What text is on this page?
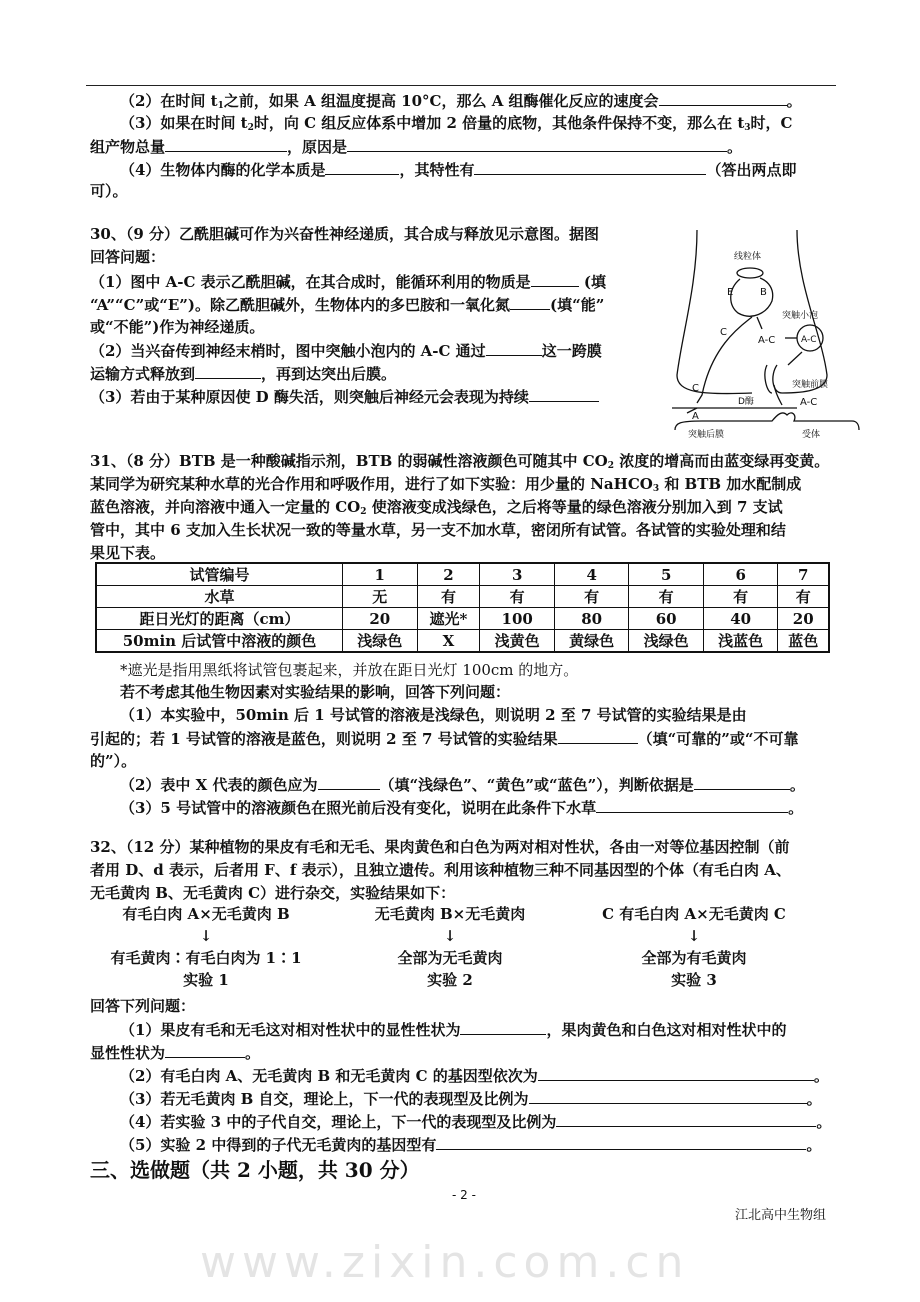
（2）在时间 $t_1$之前，如果 A 组温度提高 10°C，那么 A 组酶催化反应的速度会	。
（3）如果在时间 $t_2$时，向 C 组反应体系中增加 2 倍量的底物，其他条件保持不变，那么在 $t_3$时，C
组产物总量	，原因是	。
（4）生物体内酶的化学本质是	，其特性有	（答出两点即
可）。
30、（9 分）乙酰胆碱可作为兴奋性神经递质，其合成与释放见示意图。据图
回答问题：
（1）图中 A-C 表示乙酰胆碱，在其合成时，能循环利用的物质是	(填
“A”“C”或“E”)。除乙酰胆碱外，生物体内的多巴胺和一氧化氮	(填“能”
或“不能”)作为神经递质。
（2）当兴奋传到神经末梢时，图中突触小泡内的 A-C 通过	这一跨膜
运输方式释放到	，再到达突出后膜。
（3）若由于某种原因使 D 酶失活，则突触后神经元会表现为持续
线粒体
E	B
突触小泡
C
A-C	A-C
突触前膜
C
D酶	A-C
A
突触后膜	受体
31、（8 分）BTB 是一种酸碱指示剂，BTB 的弱碱性溶液颜色可随其中 $CO_2$ 浓度的增高而由蓝变绿再变黄。
某同学为研究某种水草的光合作用和呼吸作用，进行了如下实验：用少量的 NaHCO$_3$ 和 BTB 加水配制成
蓝色溶液，并向溶液中通入一定量的 $CO_2$ 使溶液变成浅绿色，之后将等量的绿色溶液分别加入到 7 支试
管中，其中 6 支加入生长状况一致的等量水草，另一支不加水草，密闭所有试管。各试管的实验处理和结
果见下表。
试管编号	1	2	3	4	5	6	7
水草	无	有	有	有	有	有	有
距日光灯的距离（cm）	20	遮光*	100	80	60	40	20
50min 后试管中溶液的颜色	浅绿色	X	浅黄色	黄绿色	浅绿色	浅蓝色	蓝色
*遮光是指用黑纸将试管包裹起来，并放在距日光灯 100cm 的地方。
若不考虑其他生物因素对实验结果的影响，回答下列问题：
（1）本实验中，50min 后 1 号试管的溶液是浅绿色，则说明 2 至 7 号试管的实验结果是由
引起的；若 1 号试管的溶液是蓝色，则说明 2 至 7 号试管的实验结果	（填“可靠的”或“不可靠
的”）。
（2）表中 X 代表的颜色应为	（填“浅绿色”、“黄色”或“蓝色”），判断依据是	。
（3）5 号试管中的溶液颜色在照光前后没有变化，说明在此条件下水草	。
32、（12 分）某种植物的果皮有毛和无毛、果肉黄色和白色为两对相对性状，各由一对等位基因控制（前
者用 D、d 表示，后者用 F、f 表示），且独立遗传。利用该种植物三种不同基因型的个体（有毛白肉 A、
无毛黄肉 B、无毛黄肉 C）进行杂交，实验结果如下：
有毛白肉 A×无毛黄肉 B
↓
有毛黄肉∶有毛白肉为 1∶1
实验 1
无毛黄肉 B×无毛黄肉
↓
全部为无毛黄肉
实验 2
C 有毛白肉 A×无毛黄肉 C
↓
全部为有毛黄肉
实验 3
回答下列问题：
（1）果皮有毛和无毛这对相对性状中的显性性状为	，果肉黄色和白色这对相对性状中的
显性性状为	。
（2）有毛白肉 A、无毛黄肉 B 和无毛黄肉 C 的基因型依次为	。
（3）若无毛黄肉 B 自交，理论上，下一代的表现型及比例为	。
（4）若实验 3 中的子代自交，理论上，下一代的表现型及比例为	。
（5）实验 2 中得到的子代无毛黄肉的基因型有	。
三、选做题（共 2 小题，共 30 分）
- 2 -
江北高中生物组
www.zixin.com.cn
